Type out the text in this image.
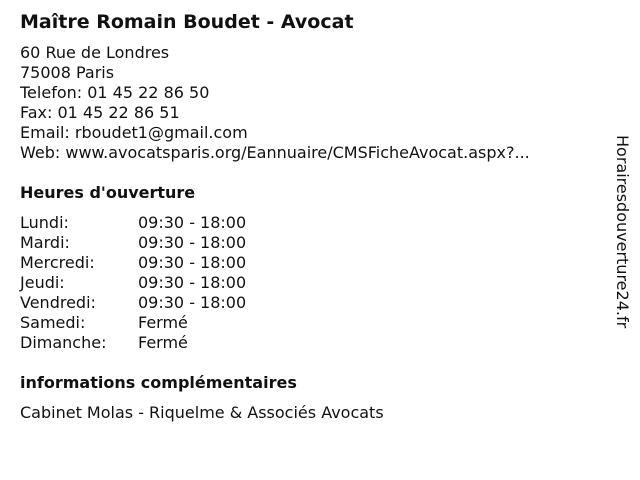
Maître Romain Boudet - Avocat
60 Rue de Londres
75008 Paris
Telefon: 01 45 22 86 50
Fax: 01 45 22 86 51
Email: rboudet1@gmail.com
Web: www.avocatsparis.org/Eannuaire/CMSFicheAvocat.aspx?...
Heures d'ouverture
Lundi:	09:30 - 18:00
Mardi:	09:30 - 18:00
Mercredi:	09:30 - 18:00
Jeudi:	09:30 - 18:00
Vendredi:	09:30 - 18:00
Samedi:	Fermé
Dimanche:	Fermé
informations complémentaires
Cabinet Molas - Riquelme & Associés Avocats
Horairesdouverture24.fr
